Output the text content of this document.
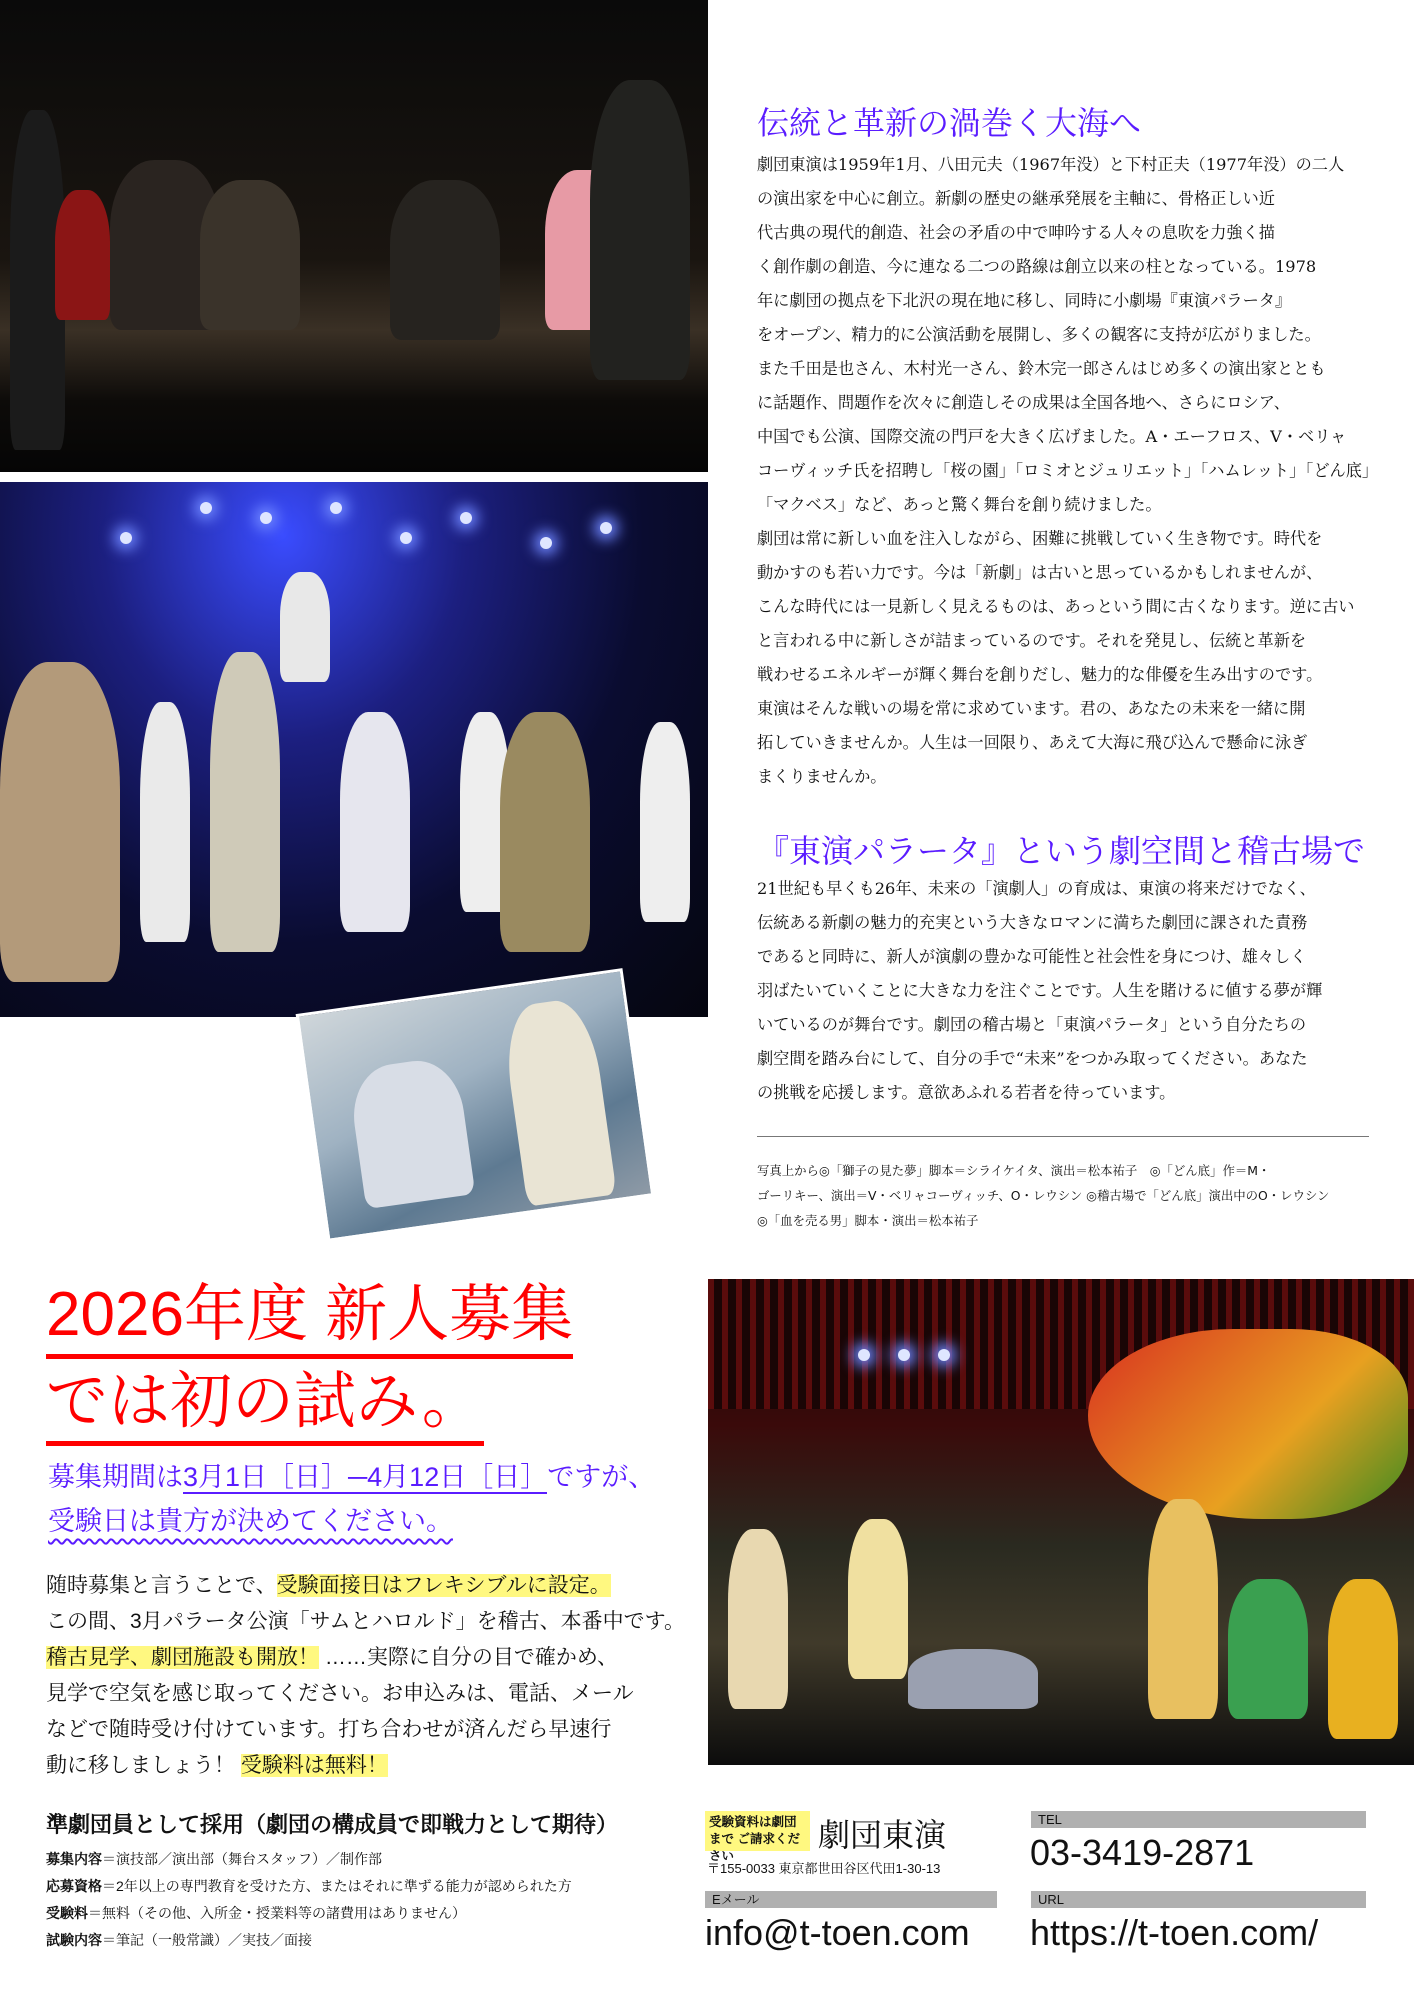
伝統と革新の渦巻く大海へ
劇団東演は1959年1月、八田元夫（1967年没）と下村正夫（1977年没）の二人
の演出家を中心に創立。新劇の歴史の継承発展を主軸に、骨格正しい近
代古典の現代的創造、社会の矛盾の中で呻吟する人々の息吹を力強く描
く創作劇の創造、今に連なる二つの路線は創立以来の柱となっている。1978
年に劇団の拠点を下北沢の現在地に移し、同時に小劇場『東演パラータ』
をオープン、精力的に公演活動を展開し、多くの観客に支持が広がりました。
また千田是也さん、木村光一さん、鈴木完一郎さんはじめ多くの演出家ととも
に話題作、問題作を次々に創造しその成果は全国各地へ、さらにロシア、
中国でも公演、国際交流の門戸を大きく広げました。A・エーフロス、V・ベリャ
コーヴィッチ氏を招聘し「桜の園」「ロミオとジュリエット」「ハムレット」「どん底」
「マクベス」など、あっと驚く舞台を創り続けました。
劇団は常に新しい血を注入しながら、困難に挑戦していく生き物です。時代を
動かすのも若い力です。今は「新劇」は古いと思っているかもしれませんが、
こんな時代には一見新しく見えるものは、あっという間に古くなります。逆に古い
と言われる中に新しさが詰まっているのです。それを発見し、伝統と革新を
戦わせるエネルギーが輝く舞台を創りだし、魅力的な俳優を生み出すのです。
東演はそんな戦いの場を常に求めています。君の、あなたの未来を一緒に開
拓していきませんか。人生は一回限り、あえて大海に飛び込んで懸命に泳ぎ
まくりませんか。
『東演パラータ』という劇空間と稽古場で
21世紀も早くも26年、未来の「演劇人」の育成は、東演の将来だけでなく、
伝統ある新劇の魅力的充実という大きなロマンに満ちた劇団に課された責務
であると同時に、新人が演劇の豊かな可能性と社会性を身につけ、雄々しく
羽ばたいていくことに大きな力を注ぐことです。人生を賭けるに値する夢が輝
いているのが舞台です。劇団の稽古場と「東演パラータ」という自分たちの
劇空間を踏み台にして、自分の手で“未来”をつかみ取ってください。あなた
の挑戦を応援します。意欲あふれる若者を待っています。
写真上から◎「獅子の見た夢」脚本＝シライケイタ、演出＝松本祐子　◎「どん底」作＝M・
ゴーリキー、演出＝V・ベリャコーヴィッチ、O・レウシン ◎稽古場で「どん底」演出中のO・レウシン
◎「血を売る男」脚本・演出＝松本祐子
2026年度 新人募集
では初の試み。
募集期間は3月1日［日］─4月12日［日］ですが、
受験日は貴方が決めてください。
随時募集と言うことで、受験面接日はフレキシブルに設定。
この間、3月パラータ公演「サムとハロルド」を稽古、本番中です。
稽古見学、劇団施設も開放！ ……実際に自分の目で確かめ、
見学で空気を感じ取ってください。お申込みは、電話、メール
などで随時受け付けています。打ち合わせが済んだら早速行
動に移しましょう！ 受験料は無料！
準劇団員として採用（劇団の構成員で即戦力として期待）
募集内容＝演技部／演出部（舞台スタッフ）／制作部
応募資格＝2年以上の専門教育を受けた方、またはそれに準ずる能力が認められた方
受験料＝無料（その他、入所金・授業料等の諸費用はありません）
試験内容＝筆記（一般常識）／実技／面接
受験資料は劇団まで ご請求ください
劇団東演
〒155-0033 東京都世田谷区代田1-30-13
TEL
03-3419-2871
Eメール
info@t-toen.com
URL
https://t-toen.com/
